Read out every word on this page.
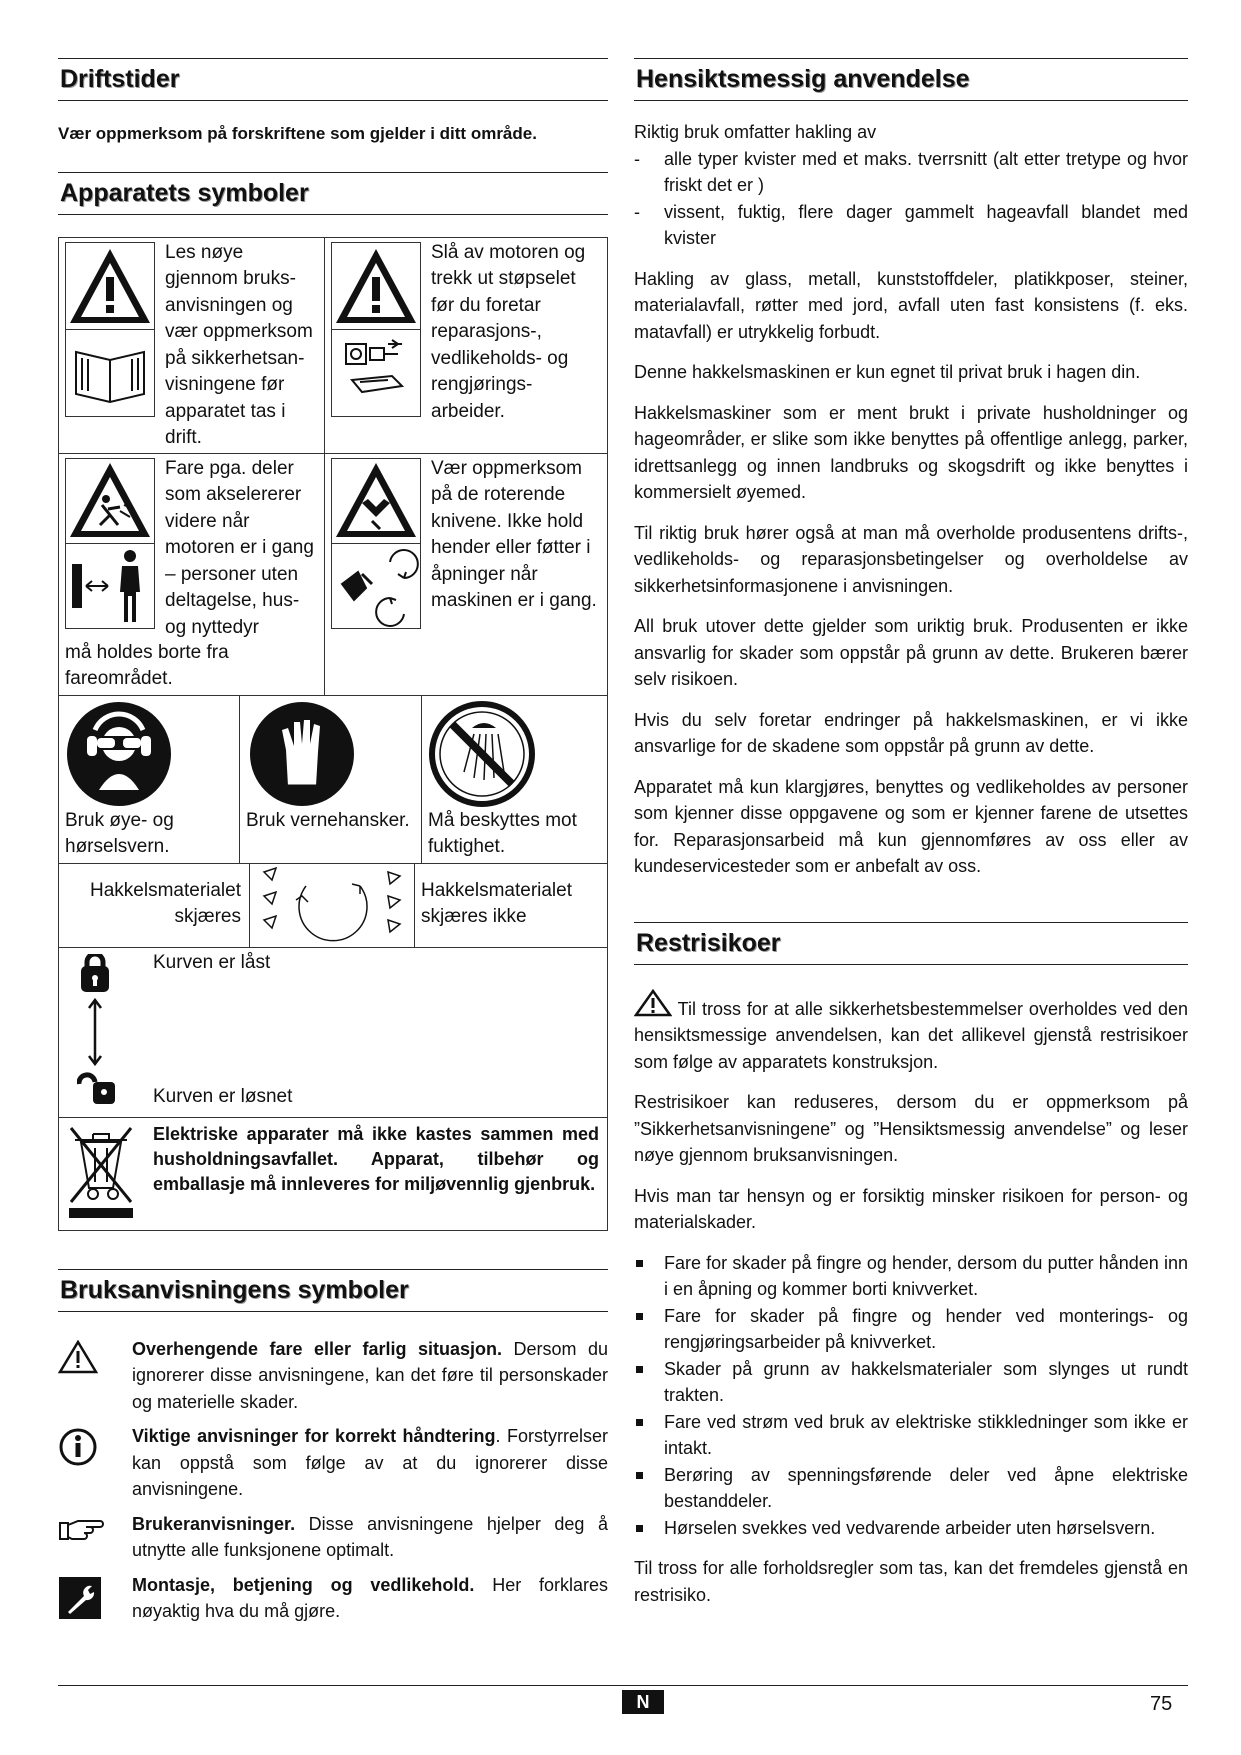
Driftstider
Vær oppmerksom på forskriftene som gjelder i ditt område.
Apparatets symboler
Les nøye gjennom bruks-anvisningen og vær oppmerksom på sikkerhetsan-visningene før apparatet tas i drift.
Slå av motoren og trekk ut støpselet før du foretar reparasjons-, vedlikeholds- og rengjørings-arbeider.
Fare pga. deler som akselererer videre når motoren er i gang – personer uten deltagelse, hus- og nyttedyr
må holdes borte fra fareområdet.
Vær oppmerksom på de roterende knivene. Ikke hold hender eller føtter i åpninger når maskinen er i gang.
Bruk øye- og hørselsvern.
Bruk vernehansker. Må beskyttes mot fuktighet.
Hakkelsmaterialet skjæres
Hakkelsmaterialet skjæres ikke
Kurven er låst
Kurven er løsnet
Elektriske apparater må ikke kastes sammen med husholdningsavfallet. Apparat, tilbehør og emballasje må innleveres for miljøvennlig gjenbruk.
Bruksanvisningens symboler
Overhengende fare eller farlig situasjon. Dersom du ignorerer disse anvisningene, kan det føre til personskader og materielle skader.
Viktige anvisninger for korrekt håndtering. Forstyrrelser kan oppstå som følge av at du ignorerer disse anvisningene.
Brukeranvisninger. Disse anvisningene hjelper deg å utnytte alle funksjonene optimalt.
Montasje, betjening og vedlikehold. Her forklares nøyaktig hva du må gjøre.
Hensiktsmessig anvendelse
Riktig bruk omfatter hakling av
- alle typer kvister med et maks. tverrsnitt (alt etter tretype og hvor friskt det er )
- vissent, fuktig, flere dager gammelt hageavfall blandet med kvister
Hakling av glass, metall, kunststoffdeler, platikkposer, steiner, materialavfall, røtter med jord, avfall uten fast konsistens (f. eks. matavfall) er utrykkelig forbudt.
Denne hakkelsmaskinen er kun egnet til privat bruk i hagen din.
Hakkelsmaskiner som er ment brukt i private husholdninger og hageområder, er slike som ikke benyttes på offentlige anlegg, parker, idrettsanlegg og innen landbruks og skogsdrift og ikke benyttes i kommersielt øyemed.
Til riktig bruk hører også at man må overholde produsentens drifts-, vedlikeholds- og reparasjonsbetingelser og overholdelse av sikkerhetsinformasjonene i anvisningen.
All bruk utover dette gjelder som uriktig bruk. Produsenten er ikke ansvarlig for skader som oppstår på grunn av dette. Brukeren bærer selv risikoen.
Hvis du selv foretar endringer på hakkelsmaskinen, er vi ikke ansvarlige for de skadene som oppstår på grunn av dette.
Apparatet må kun klargjøres, benyttes og vedlikeholdes av personer som kjenner disse oppgavene og som er kjenner farene de utsettes for. Reparasjonsarbeid må kun gjennomføres av oss eller av kundeservicesteder som er anbefalt av oss.
Restrisikoer
Til tross for at alle sikkerhetsbestemmelser overholdes ved den hensiktsmessige anvendelsen, kan det allikevel gjenstå restrisikoer som følge av apparatets konstruksjon.
Restrisikoer kan reduseres, dersom du er oppmerksom på ”Sikkerhetsanvisningene” og ”Hensiktsmessig anvendelse” og leser nøye gjennom bruksanvisningen.
Hvis man tar hensyn og er forsiktig minsker risikoen for person- og materialskader.
Fare for skader på fingre og hender, dersom du putter hånden inn i en åpning og kommer borti knivverket.
Fare for skader på fingre og hender ved monterings- og rengjøringsarbeider på knivverket.
Skader på grunn av hakkelsmaterialer som slynges ut rundt trakten.
Fare ved strøm ved bruk av elektriske stikkledninger som ikke er intakt.
Berøring av spenningsførende deler ved åpne elektriske bestanddeler.
Hørselen svekkes ved vedvarende arbeider uten hørselsvern.
Til tross for alle forholdsregler som tas, kan det fremdeles gjenstå en restrisiko.
N	75
